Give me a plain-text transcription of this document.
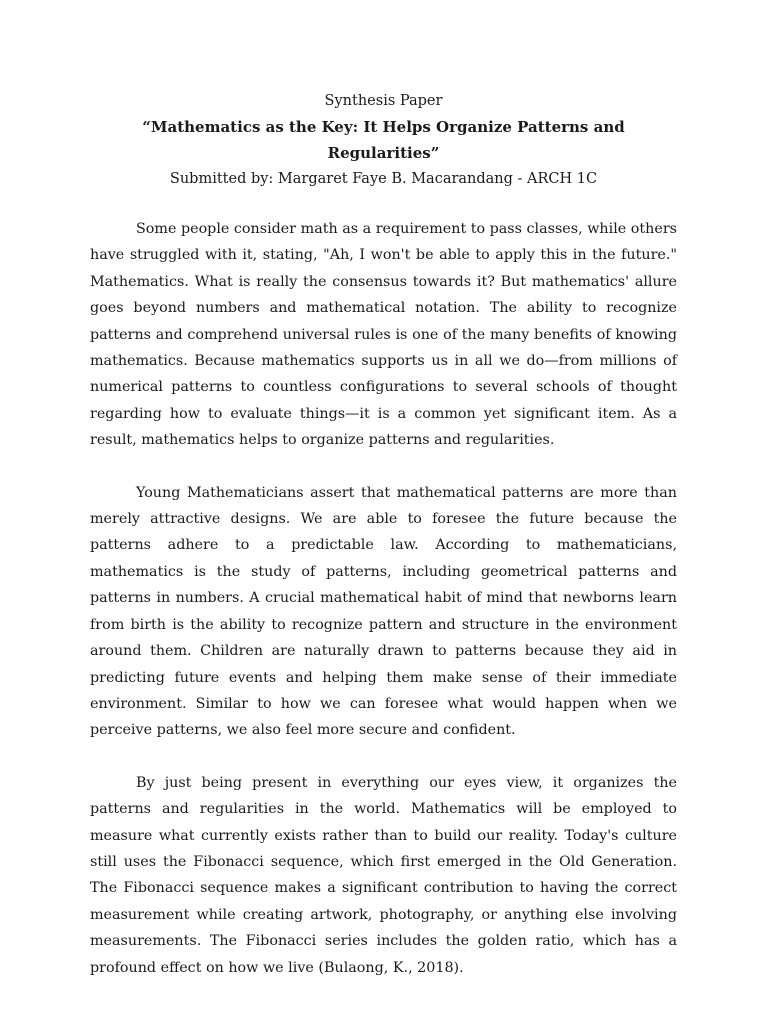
Synthesis Paper

“Mathematics as the Key: It Helps Organize Patterns and Regularities”

Submitted by: Margaret Faye B. Macarandang - ARCH 1C

Some people consider math as a requirement to pass classes, while others have struggled with it, stating, "Ah, I won't be able to apply this in the future." Mathematics. What is really the consensus towards it? But mathematics' allure goes beyond numbers and mathematical notation. The ability to recognize patterns and comprehend universal rules is one of the many benefits of knowing mathematics. Because mathematics supports us in all we do—from millions of numerical patterns to countless configurations to several schools of thought regarding how to evaluate things—it is a common yet significant item. As a result, mathematics helps to organize patterns and regularities.

Young Mathematicians assert that mathematical patterns are more than merely attractive designs. We are able to foresee the future because the patterns adhere to a predictable law. According to mathematicians, mathematics is the study of patterns, including geometrical patterns and patterns in numbers. A crucial mathematical habit of mind that newborns learn from birth is the ability to recognize pattern and structure in the environment around them. Children are naturally drawn to patterns because they aid in predicting future events and helping them make sense of their immediate environment. Similar to how we can foresee what would happen when we perceive patterns, we also feel more secure and confident.

By just being present in everything our eyes view, it organizes the patterns and regularities in the world. Mathematics will be employed to measure what currently exists rather than to build our reality. Today's culture still uses the Fibonacci sequence, which first emerged in the Old Generation. The Fibonacci sequence makes a significant contribution to having the correct measurement while creating artwork, photography, or anything else involving measurements. The Fibonacci series includes the golden ratio, which has a profound effect on how we live (Bulaong, K., 2018).
